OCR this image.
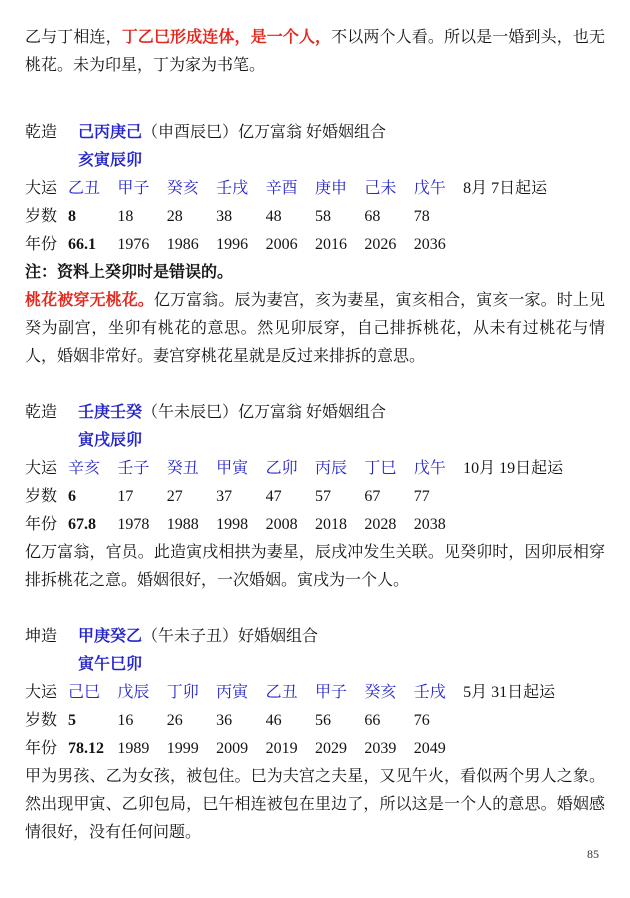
乙与丁相连，丁乙巳形成连体，是一个人，不以两个人看。所以是一婚到头，也无桃花。未为印星，丁为家为书笔。
乾造 己丙庚己（申酉辰巳）亿万富翁 好婚姻组合
亥寅辰卯
大运 乙丑	甲子	癸亥	壬戌	辛酉	庚申	己未	戊午	8月 7日起运
岁数 8	18	28	38	48	58	68	78
年份 66.1	1976	1986	1996	2006	2016	2026	2036
注：资料上癸卯时是错误的。
桃花被穿无桃花。亿万富翁。辰为妻宫，亥为妻星，寅亥相合，寅亥一家。时上见癸为副宫，坐卯有桃花的意思。然见卯辰穿，自己排拆桃花，从未有过桃花与情人，婚姻非常好。妻宫穿桃花星就是反过来排拆的意思。
乾造 壬庚壬癸（午未辰巳）亿万富翁 好婚姻组合
寅戌辰卯
大运 辛亥	壬子	癸丑	甲寅	乙卯	丙辰	丁巳	戊午	10月 19日起运
岁数 6	17	27	37	47	57	67	77
年份 67.8	1978	1988	1998	2008	2018	2028	2038
亿万富翁，官员。此造寅戌相拱为妻星，辰戌冲发生关联。见癸卯时，因卯辰相穿排拆桃花之意。婚姻很好，一次婚姻。寅戌为一个人。
坤造 甲庚癸乙（午未子丑）好婚姻组合
寅午巳卯
大运 己巳	戊辰	丁卯	丙寅	乙丑	甲子	癸亥	壬戌	5月 31日起运
岁数 5	16	26	36	46	56	66	76
年份 78.12 1989	1999	2009	2019	2029	2039	2049
甲为男孩、乙为女孩，被包住。巳为夫宫之夫星，又见午火，看似两个男人之象。然出现甲寅、乙卯包局，巳午相连被包在里边了，所以这是一个人的意思。婚姻感情很好，没有任何问题。
85
